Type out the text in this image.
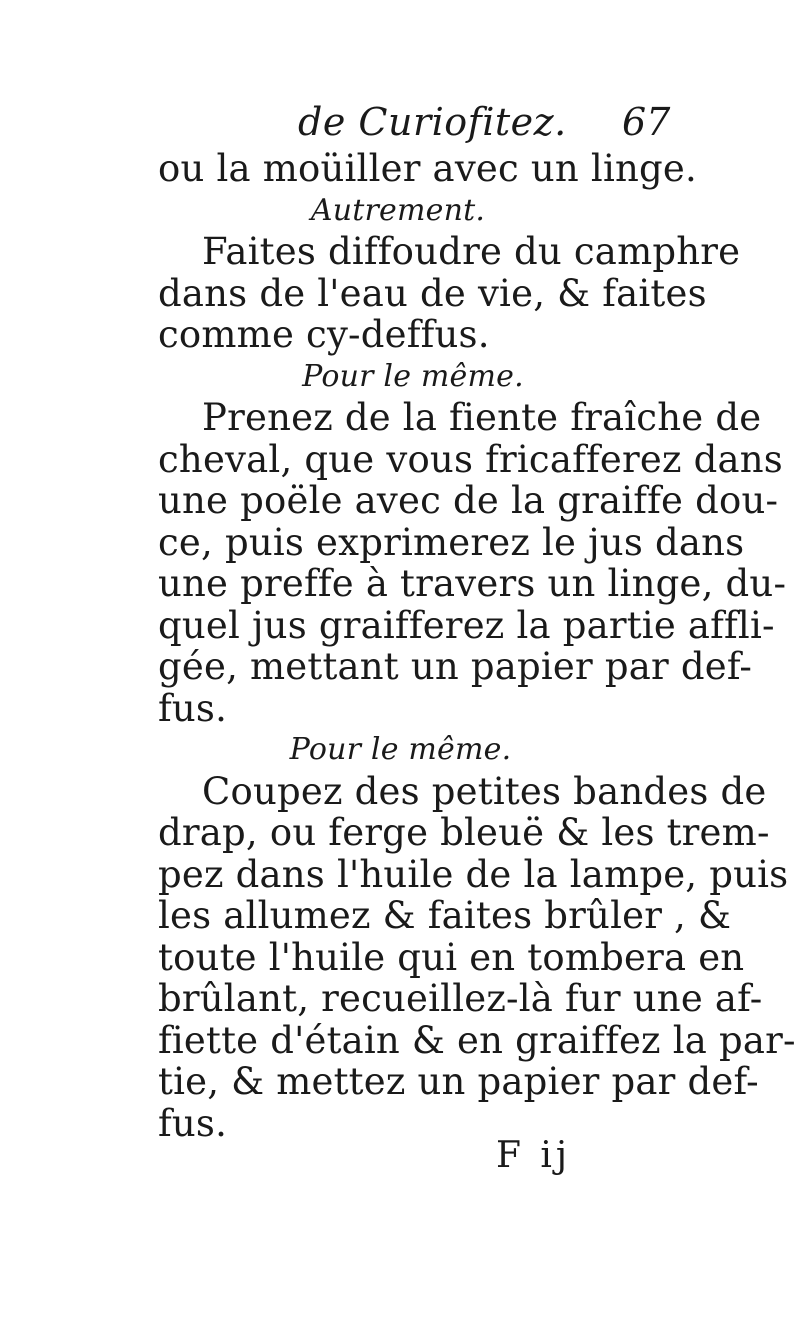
de Curiofitez. 67
ou la moüiller avec un linge.
Autrement.
Faites diffoudre du camphre
dans de l'eau de vie, & faites
comme cy-deffus.
Pour le même.
Prenez de la fiente fraîche de
cheval, que vous fricafferez dans
une poële avec de la graiffe dou-
ce, puis exprimerez le jus dans
une preffe à travers un linge, du-
quel jus graifferez la partie affli-
gée, mettant un papier par def-
fus.
Pour le même.
Coupez des petites bandes de
drap, ou ferge bleuë & les trem-
pez dans l'huile de la lampe, puis
les allumez & faites brûler , &
toute l'huile qui en tombera en
brûlant, recueillez-là fur une af-
fiette d'étain & en graiffez la par-
tie, & mettez un papier par def-
fus.
F ij
